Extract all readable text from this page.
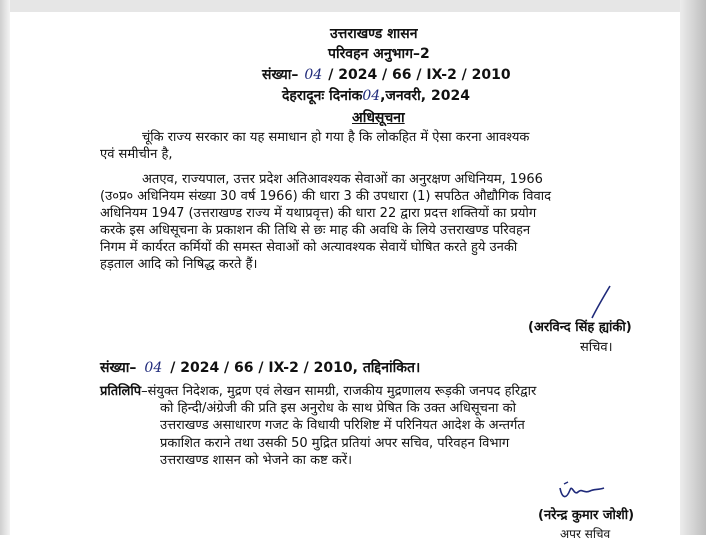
उत्तराखण्ड शासन
परिवहन अनुभाग–2
संख्या– 04 / 2024 / 66 / IX-2 / 2010
देहरादूनः दिनांक04,जनवरी, 2024
अधिसूचना
चूंकि राज्य सरकार का यह समाधान हो गया है कि लोकहित में ऐसा करना आवश्यक
एवं समीचीन है,
अतएव, राज्यपाल, उत्तर प्रदेश अतिआवश्यक सेवाओं का अनुरक्षण अधिनियम, 1966
(उ०प्र० अधिनियम संख्या 30 वर्ष 1966) की धारा 3 की उपधारा (1) सपठित औद्यौगिक विवाद
अधिनियम 1947 (उत्तराखण्ड राज्य में यथाप्रवृत्त) की धारा 22 द्वारा प्रदत्त शक्तियों का प्रयोग
करके इस अधिसूचना के प्रकाशन की तिथि से छः माह की अवधि के लिये उत्तराखण्ड परिवहन
निगम में कार्यरत कर्मियों की समस्त सेवाओं को अत्यावश्यक सेवायें घोषित करते हुये उनकी
हड़ताल आदि को निषिद्ध करते हैं।
(अरविन्द सिंह ह्यांकी)
सचिव।
संख्या– 04 / 2024 / 66 / IX-2 / 2010, तद्दिनांकित।
प्रतिलिपि–संयुक्त निदेशक, मुद्रण एवं लेखन सामग्री, राजकीय मुद्रणालय रूड़की जनपद हरिद्वार
को हिन्दी/अंग्रेजी की प्रति इस अनुरोध के साथ प्रेषित कि उक्त अधिसूचना को
उत्तराखण्ड असाधारण गजट के विधायी परिशिष्ट में परिनियत आदेश के अन्तर्गत
प्रकाशित कराने तथा उसकी 50 मुद्रित प्रतियां अपर सचिव, परिवहन विभाग
उत्तराखण्ड शासन को भेजने का कष्ट करें।
(नरेन्द्र कुमार जोशी)
अपर सचिव
